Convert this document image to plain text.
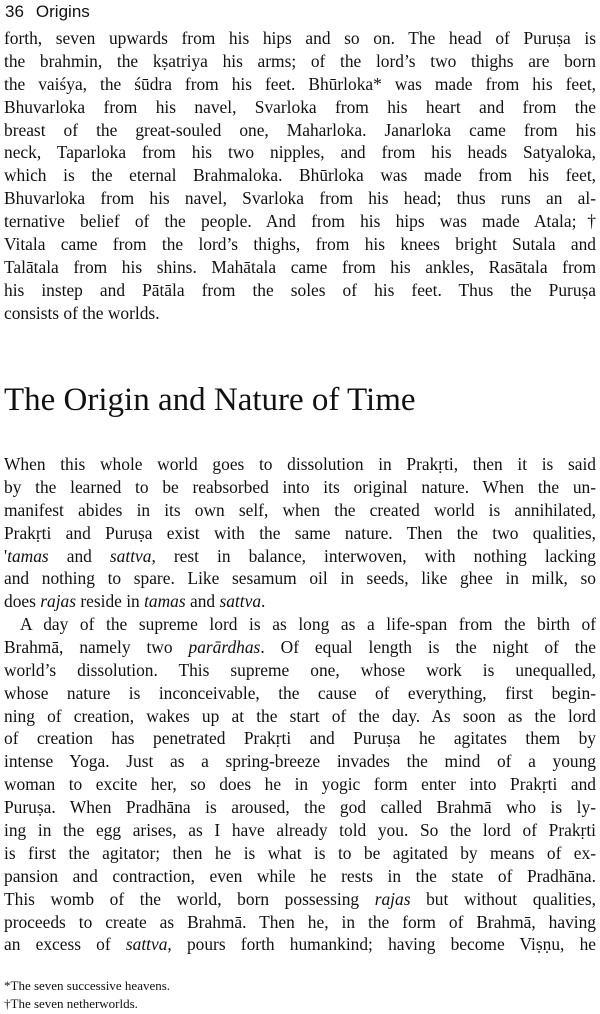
36 Origins
forth, seven upwards from his hips and so on. The head of Puruṣa is
the brahmin, the kṣatriya his arms; of the lord’s two thighs are born
the vaiśya, the śūdra from his feet. Bhūrloka* was made from his feet,
Bhuvarloka from his navel, Svarloka from his heart and from the
breast of the great-souled one, Maharloka. Janarloka came from his
neck, Taparloka from his two nipples, and from his heads Satyaloka,
which is the eternal Brahmaloka. Bhūrloka was made from his feet,
Bhuvarloka from his navel, Svarloka from his head; thus runs an al-
ternative belief of the people. And from his hips was made Atala;†
Vitala came from the lord’s thighs, from his knees bright Sutala and
Talātala from his shins. Mahātala came from his ankles, Rasātala from
his instep and Pātāla from the soles of his feet. Thus the Puruṣa
consists of the worlds.
The Origin and Nature of Time
When this whole world goes to dissolution in Prakṛti, then it is said
by the learned to be reabsorbed into its original nature. When the un-
manifest abides in its own self, when the created world is annihilated,
Prakṛti and Puruṣa exist with the same nature. Then the two qualities,
'tamas and sattva, rest in balance, interwoven, with nothing lacking
and nothing to spare. Like sesamum oil in seeds, like ghee in milk, so
does rajas reside in tamas and sattva.
A day of the supreme lord is as long as a life-span from the birth of
Brahmā, namely two parārdhas. Of equal length is the night of the
world’s dissolution. This supreme one, whose work is unequalled,
whose nature is inconceivable, the cause of everything, first begin-
ning of creation, wakes up at the start of the day. As soon as the lord
of creation has penetrated Prakṛti and Puruṣa he agitates them by
intense Yoga. Just as a spring-breeze invades the mind of a young
woman to excite her, so does he in yogic form enter into Prakṛti and
Puruṣa. When Pradhāna is aroused, the god called Brahmā who is ly-
ing in the egg arises, as I have already told you. So the lord of Prakṛti
is first the agitator; then he is what is to be agitated by means of ex-
pansion and contraction, even while he rests in the state of Pradhāna.
This womb of the world, born possessing rajas but without qualities,
proceeds to create as Brahmā. Then he, in the form of Brahmā, having
an excess of sattva, pours forth humankind; having become Viṣṇu, he
*The seven successive heavens.
†The seven netherworlds.
